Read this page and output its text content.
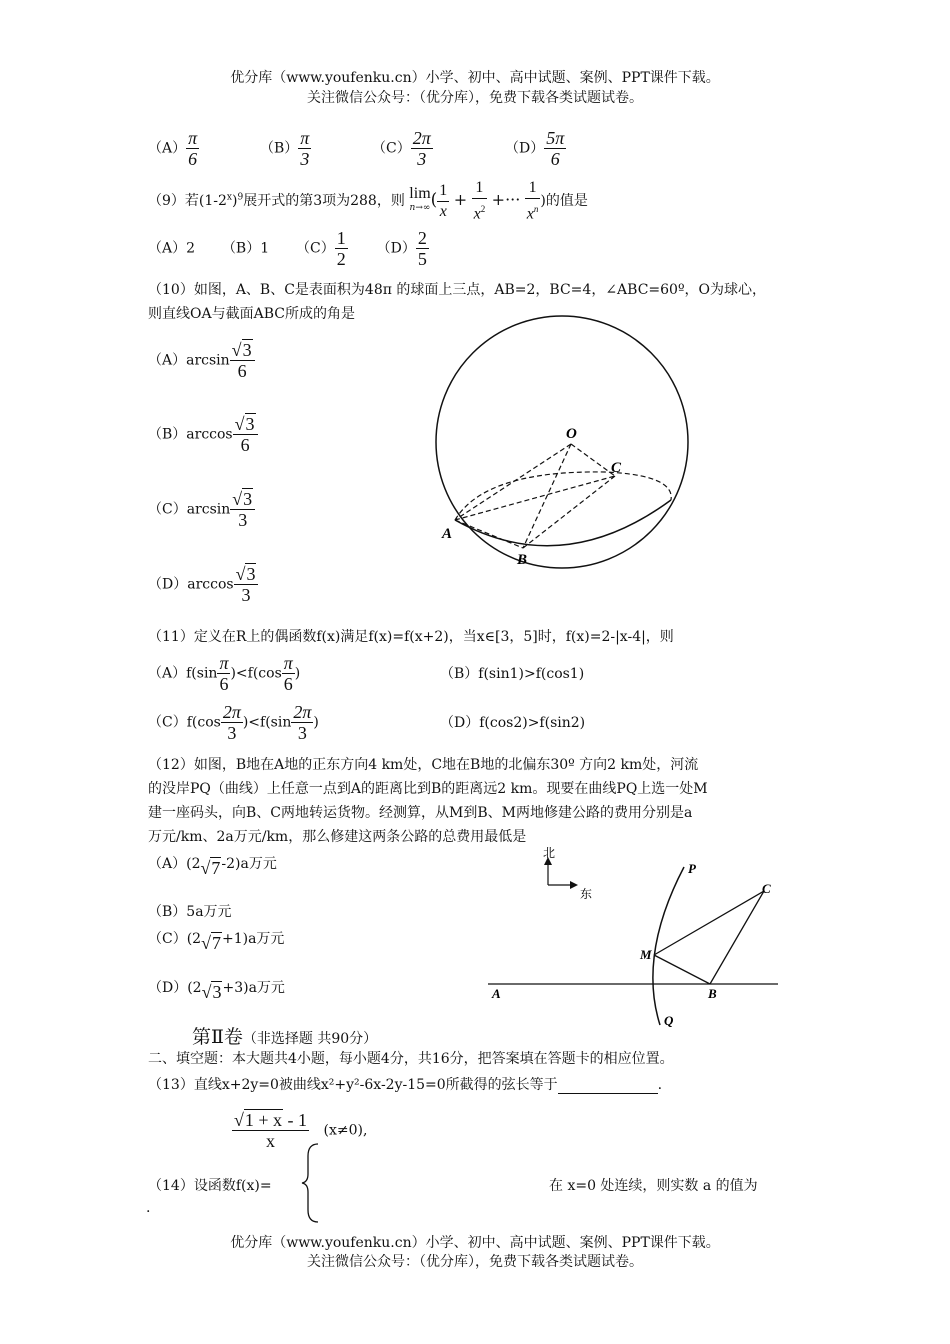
优分库（www.youfenku.cn）小学、初中、高中试题、案例、PPT课件下载。
关注微信公众号：（优分库），免费下载各类试题试卷。
$(A) \frac{\pi}{6}$	$(B) \frac{\pi}{3}$	$(C) \frac{2\pi}{3}$	$(D) \frac{5\pi}{6}$
（9）若$(1-2^x)^9$展开式的第3项为288，则 lim
n→∞ ( $\frac{1}{x} + \frac{1}{x^2}$ +··· $\frac{1}{x^n}$ )的值是
（A）2 （B）1 $(C) \frac{1}{2} (D) \frac{2}{5}$
（10）如图，A、B、C是表面积为48π 的球面上三点，AB=2，BC=4，∠ABC=60º，O为球心，
则直线OA与截面ABC所成的角是
$(A)\arcsin \frac{√3}{6}$
$(B)\arccos \frac{√3}{6}$
$(C)\arcsin \frac{√3}{3}$
$(D)\arccos \frac{√3}{3}$
O
A
B
C
（11）定义在R上的偶函数f(x)满足f(x)=f(x+2)，当x∈[3，5]时，f(x)=2-|x-4|，则
$(A)f(\sin \frac{\pi}{6} )<f(\cos \frac{\pi}{6}$ )	（B）f(sin1)>f(cos1)
$(C)f(\cos \frac{2\pi}{3} )<f(\sin \frac{2\pi}{3}$ )	（D）f(cos2)>f(sin2)
（12）如图，B地在A地的正东方向4 km处，C地在B地的北偏东30º 方向2 km处，河流
的没岸PQ（曲线）上任意一点到A的距离比到B的距离远2 km。现要在曲线PQ上选一处M
建一座码头，向B、C两地转运货物。经测算，从M到B、M两地修建公路的费用分别是a
万元/km、2a万元/km，那么修建这两条公路的总费用最低是
（A）(2√7-2)a万元
（B）5a万元
（C）(2√7+1)a万元
（D）(2√3+3)a万元
北
东
P
Q
M
A	B
C
第Ⅱ卷（非选择题 共90分）
二、填空题：本大题共4小题，每小题4分，共16分，把答案填在答题卡的相应位置。
（13）直线x+2y=0被曲线x²+y²-6x-2y-15=0所截得的弦长等于	.
$\frac{√1 + x - 1}{x} (x\ne 0)$,
（14）设函数f(x)=	在 x=0 处连续，则实数 a 的值为
.
优分库（www.youfenku.cn）小学、初中、高中试题、案例、PPT课件下载。
关注微信公众号：（优分库），免费下载各类试题试卷。
